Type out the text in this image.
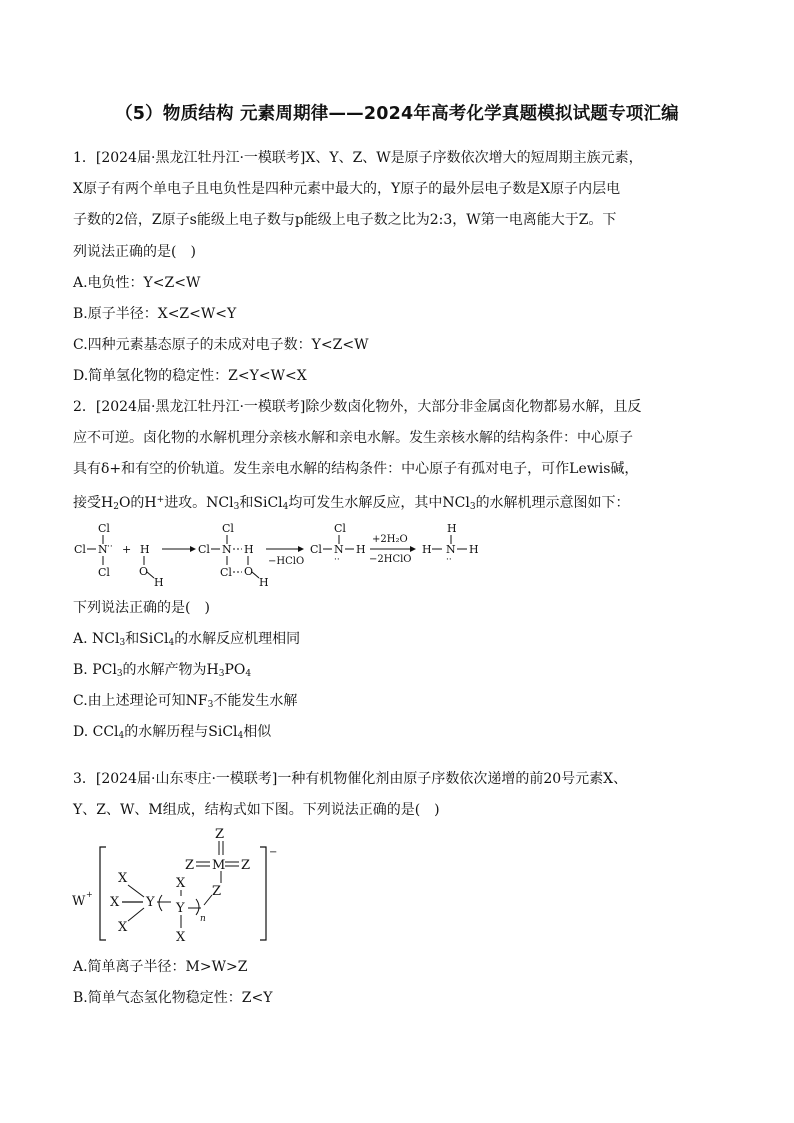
（5）物质结构 元素周期律——2024年高考化学真题模拟试题专项汇编
1．[2024届·黑龙江牡丹江·一模联考]X、Y、Z、W是原子序数依次增大的短周期主族元素，
X原子有两个单电子且电负性是四种元素中最大的，Y原子的最外层电子数是X原子内层电
子数的2倍，Z原子s能级上电子数与p能级上电子数之比为2:3，W第一电离能大于Z。下
列说法正确的是(　)
A.电负性：Y<Z<W
B.原子半径：X<Z<W<Y
C.四种元素基态原子的未成对电子数：Y<Z<W
D.简单氢化物的稳定性：Z<Y<W<X
2．[2024届·黑龙江牡丹江·一模联考]除少数卤化物外，大部分非金属卤化物都易水解，且反
应不可逆。卤化物的水解机理分亲核水解和亲电水解。发生亲核水解的结构条件：中心原子
具有δ+和有空的价轨道。发生亲电水解的结构条件：中心原子有孤对电子，可作Lewis碱，
接受$H_2O$的H+进攻。NCl$_3$和SiCl$_4$均可发生水解反应，其中NCl$_3$的水解机理示意图如下：
Cl
Cl N ··
Cl
+ H
O
H
Cl
Cl N H
Cl O
H
−HClO
Cl
Cl N H
··
+2H₂O
−2HClO
H
H N H
··
下列说法正确的是(　)
A. NCl$_3$和SiCl$_4$的水解反应机理相同
B. PCl$_3$的水解产物为$H_3PO_4$
C.由上述理论可知$NF_3$不能发生水解
D. CCl$_4$的水解历程与SiCl$_4$相似
3．[2024届·山东枣庄·一模联考]一种有机物催化剂由原子序数依次递增的前20号元素X、
Y、Z、W、M组成，结构式如下图。下列说法正确的是(　)
W +
−
X
X
X
Y
X
Y
X
n
Z
Z M Z
Z
A.简单离子半径：M>W>Z
B.简单气态氢化物稳定性：Z<Y
